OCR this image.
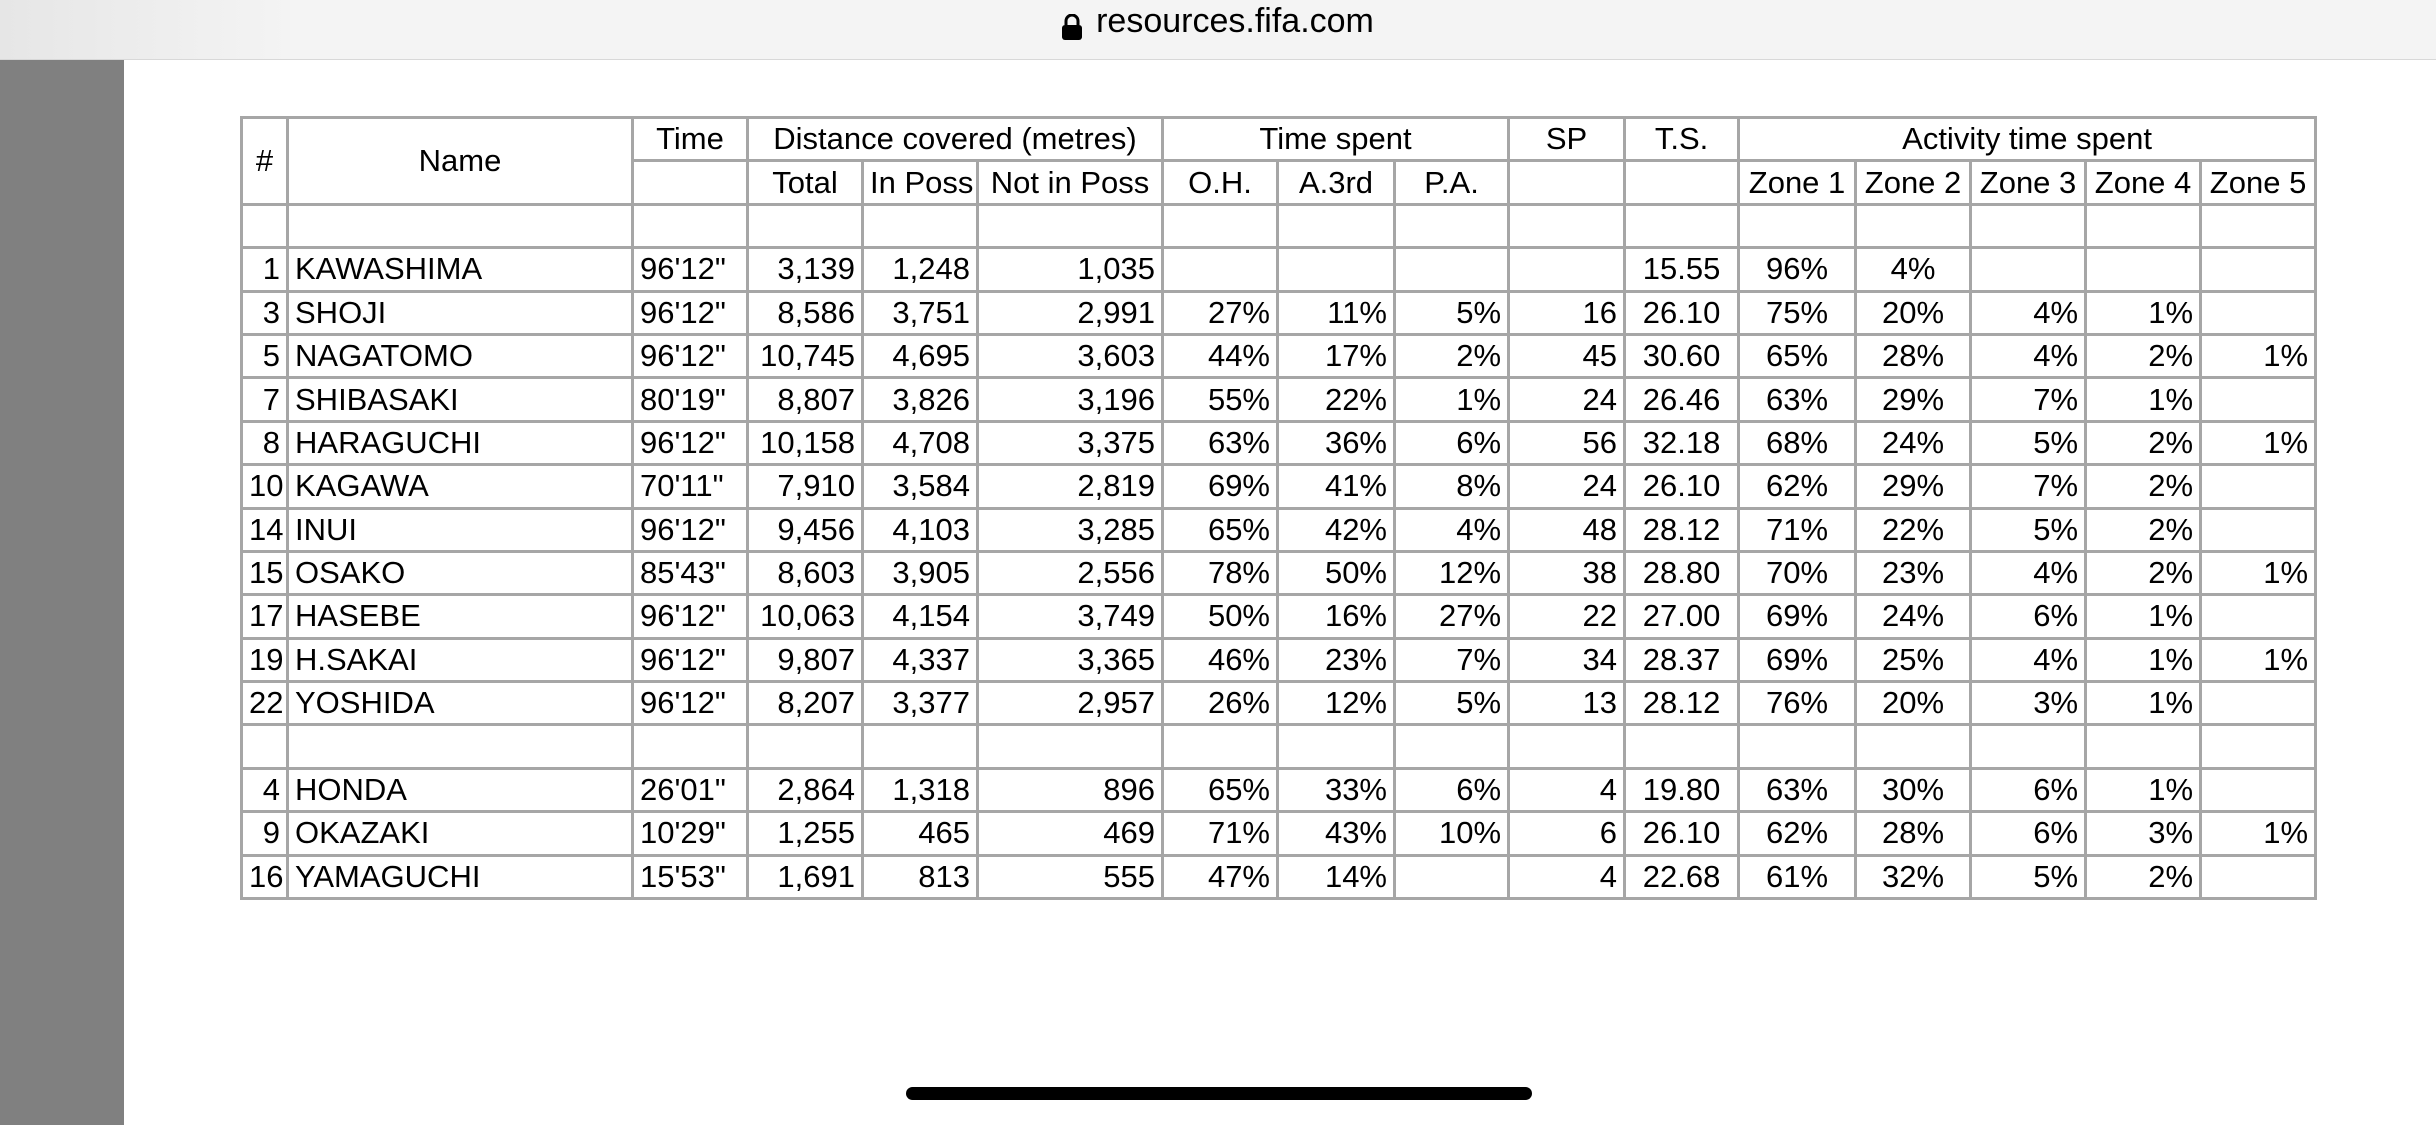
resources.fifa.com
#	Name	Time	Distance covered (metres)			Time spent			SP	T.S.	Activity time spent				
			Total	In Poss	Not in Poss	O.H.	A.3rd	P.A.			Zone 1	Zone 2	Zone 3	Zone 4	Zone 5

1	KAWASHIMA	96'12"	3,139	1,248	1,035					15.55	96%	4%			
3	SHOJI	96'12"	8,586	3,751	2,991	27%	11%	5%	16	26.10	75%	20%	4%	1%	
5	NAGATOMO	96'12"	10,745	4,695	3,603	44%	17%	2%	45	30.60	65%	28%	4%	2%	1%
7	SHIBASAKI	80'19"	8,807	3,826	3,196	55%	22%	1%	24	26.46	63%	29%	7%	1%	
8	HARAGUCHI	96'12"	10,158	4,708	3,375	63%	36%	6%	56	32.18	68%	24%	5%	2%	1%
10	KAGAWA	70'11"	7,910	3,584	2,819	69%	41%	8%	24	26.10	62%	29%	7%	2%	
14	INUI	96'12"	9,456	4,103	3,285	65%	42%	4%	48	28.12	71%	22%	5%	2%	
15	OSAKO	85'43"	8,603	3,905	2,556	78%	50%	12%	38	28.80	70%	23%	4%	2%	1%
17	HASEBE	96'12"	10,063	4,154	3,749	50%	16%	27%	22	27.00	69%	24%	6%	1%	
19	H.SAKAI	96'12"	9,807	4,337	3,365	46%	23%	7%	34	28.37	69%	25%	4%	1%	1%
22	YOSHIDA	96'12"	8,207	3,377	2,957	26%	12%	5%	13	28.12	76%	20%	3%	1%	

4	HONDA	26'01"	2,864	1,318	896	65%	33%	6%	4	19.80	63%	30%	6%	1%	
9	OKAZAKI	10'29"	1,255	465	469	71%	43%	10%	6	26.10	62%	28%	6%	3%	1%
16	YAMAGUCHI	15'53"	1,691	813	555	47%	14%		4	22.68	61%	32%	5%	2%	
